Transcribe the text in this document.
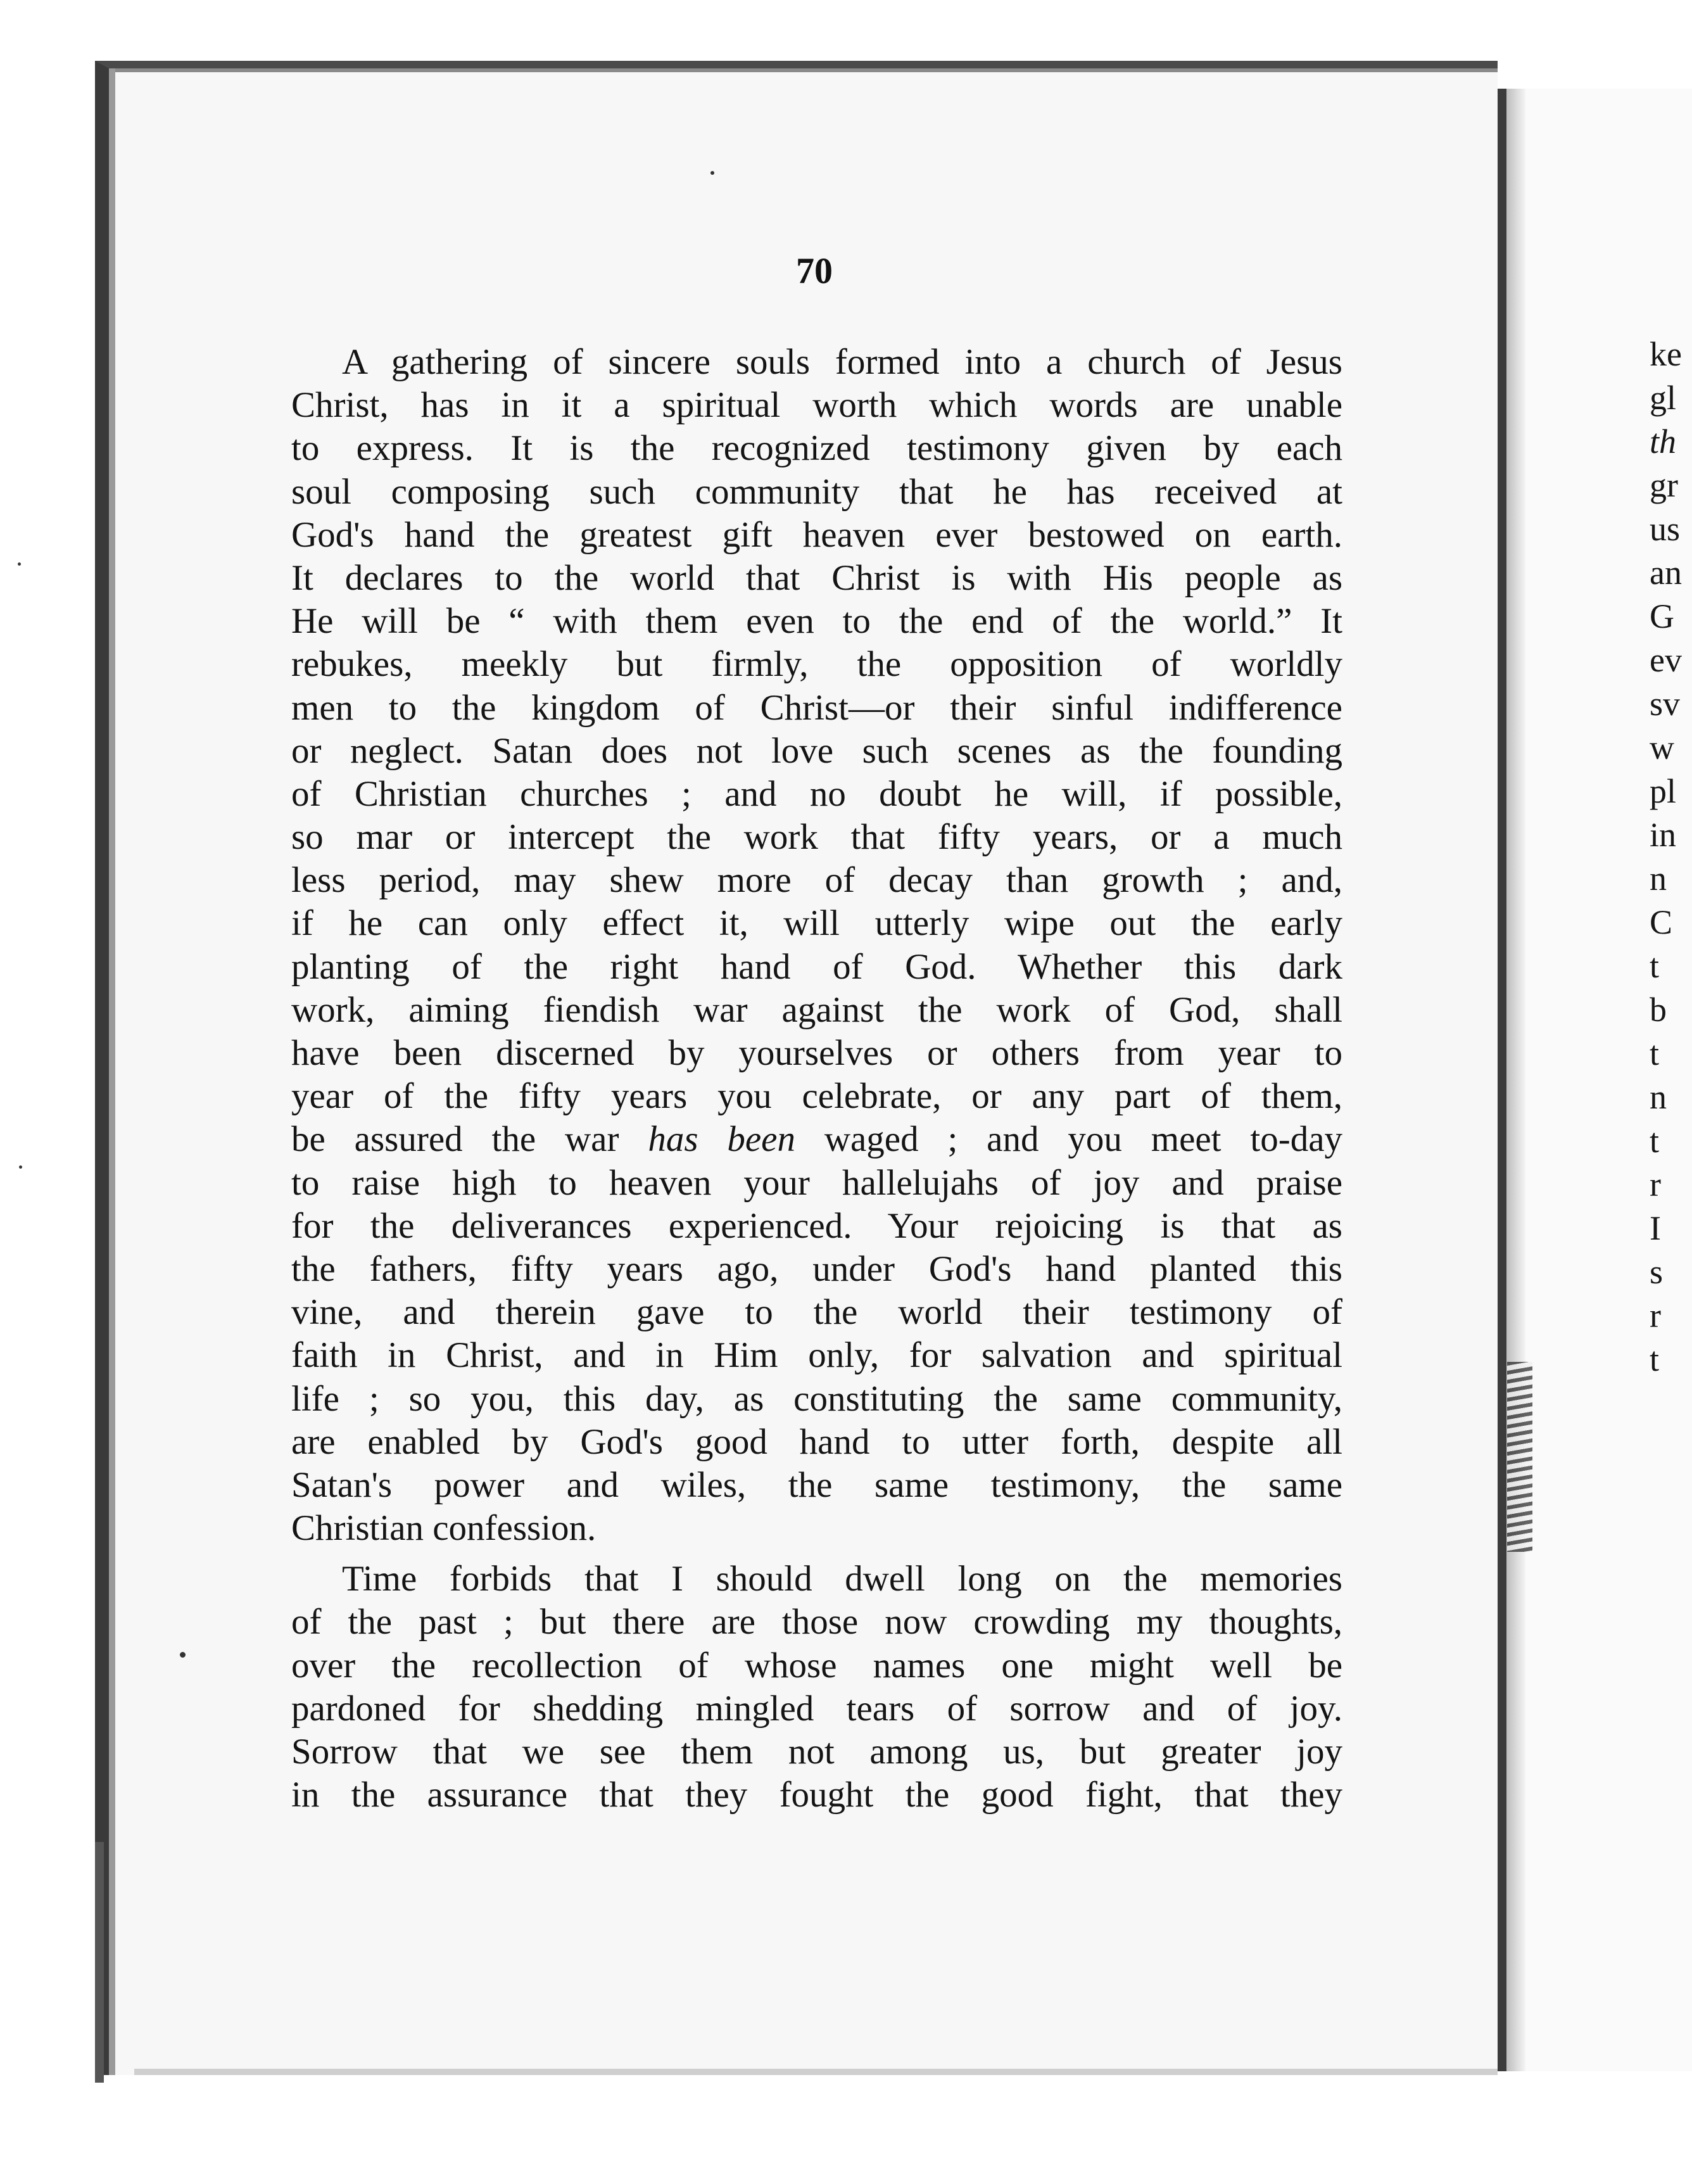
70
A gathering of sincere souls formed into a church of Jesus
Christ, has in it a spiritual worth which words are unable
to express. It is the recognized testimony given by each
soul composing such community that he has received at
God's hand the greatest gift heaven ever bestowed on earth.
It declares to the world that Christ is with His people as
He will be “ with them even to the end of the world.” It
rebukes, meekly but firmly, the opposition of worldly
men to the kingdom of Christ—or their sinful indifference
or neglect. Satan does not love such scenes as the founding
of Christian churches ; and no doubt he will, if possible,
so mar or intercept the work that fifty years, or a much
less period, may shew more of decay than growth ; and,
if he can only effect it, will utterly wipe out the early
planting of the right hand of God. Whether this dark
work, aiming fiendish war against the work of God, shall
have been discerned by yourselves or others from year to
year of the fifty years you celebrate, or any part of them,
be assured the war has been waged ; and you meet to-day
to raise high to heaven your hallelujahs of joy and praise
for the deliverances experienced. Your rejoicing is that as
the fathers, fifty years ago, under God's hand planted this
vine, and therein gave to the world their testimony of
faith in Christ, and in Him only, for salvation and spiritual
life ; so you, this day, as constituting the same community,
are enabled by God's good hand to utter forth, despite all
Satan's power and wiles, the same testimony, the same
Christian confession.
Time forbids that I should dwell long on the memories
of the past ; but there are those now crowding my thoughts,
over the recollection of whose names one might well be
pardoned for shedding mingled tears of sorrow and of joy.
Sorrow that we see them not among us, but greater joy
in the assurance that they fought the good fight, that they
ke
gl
th
gr
us
an
G
ev
sv
w
pl
in
n
C
t
b
t
n
t
r
I
s
r
t
